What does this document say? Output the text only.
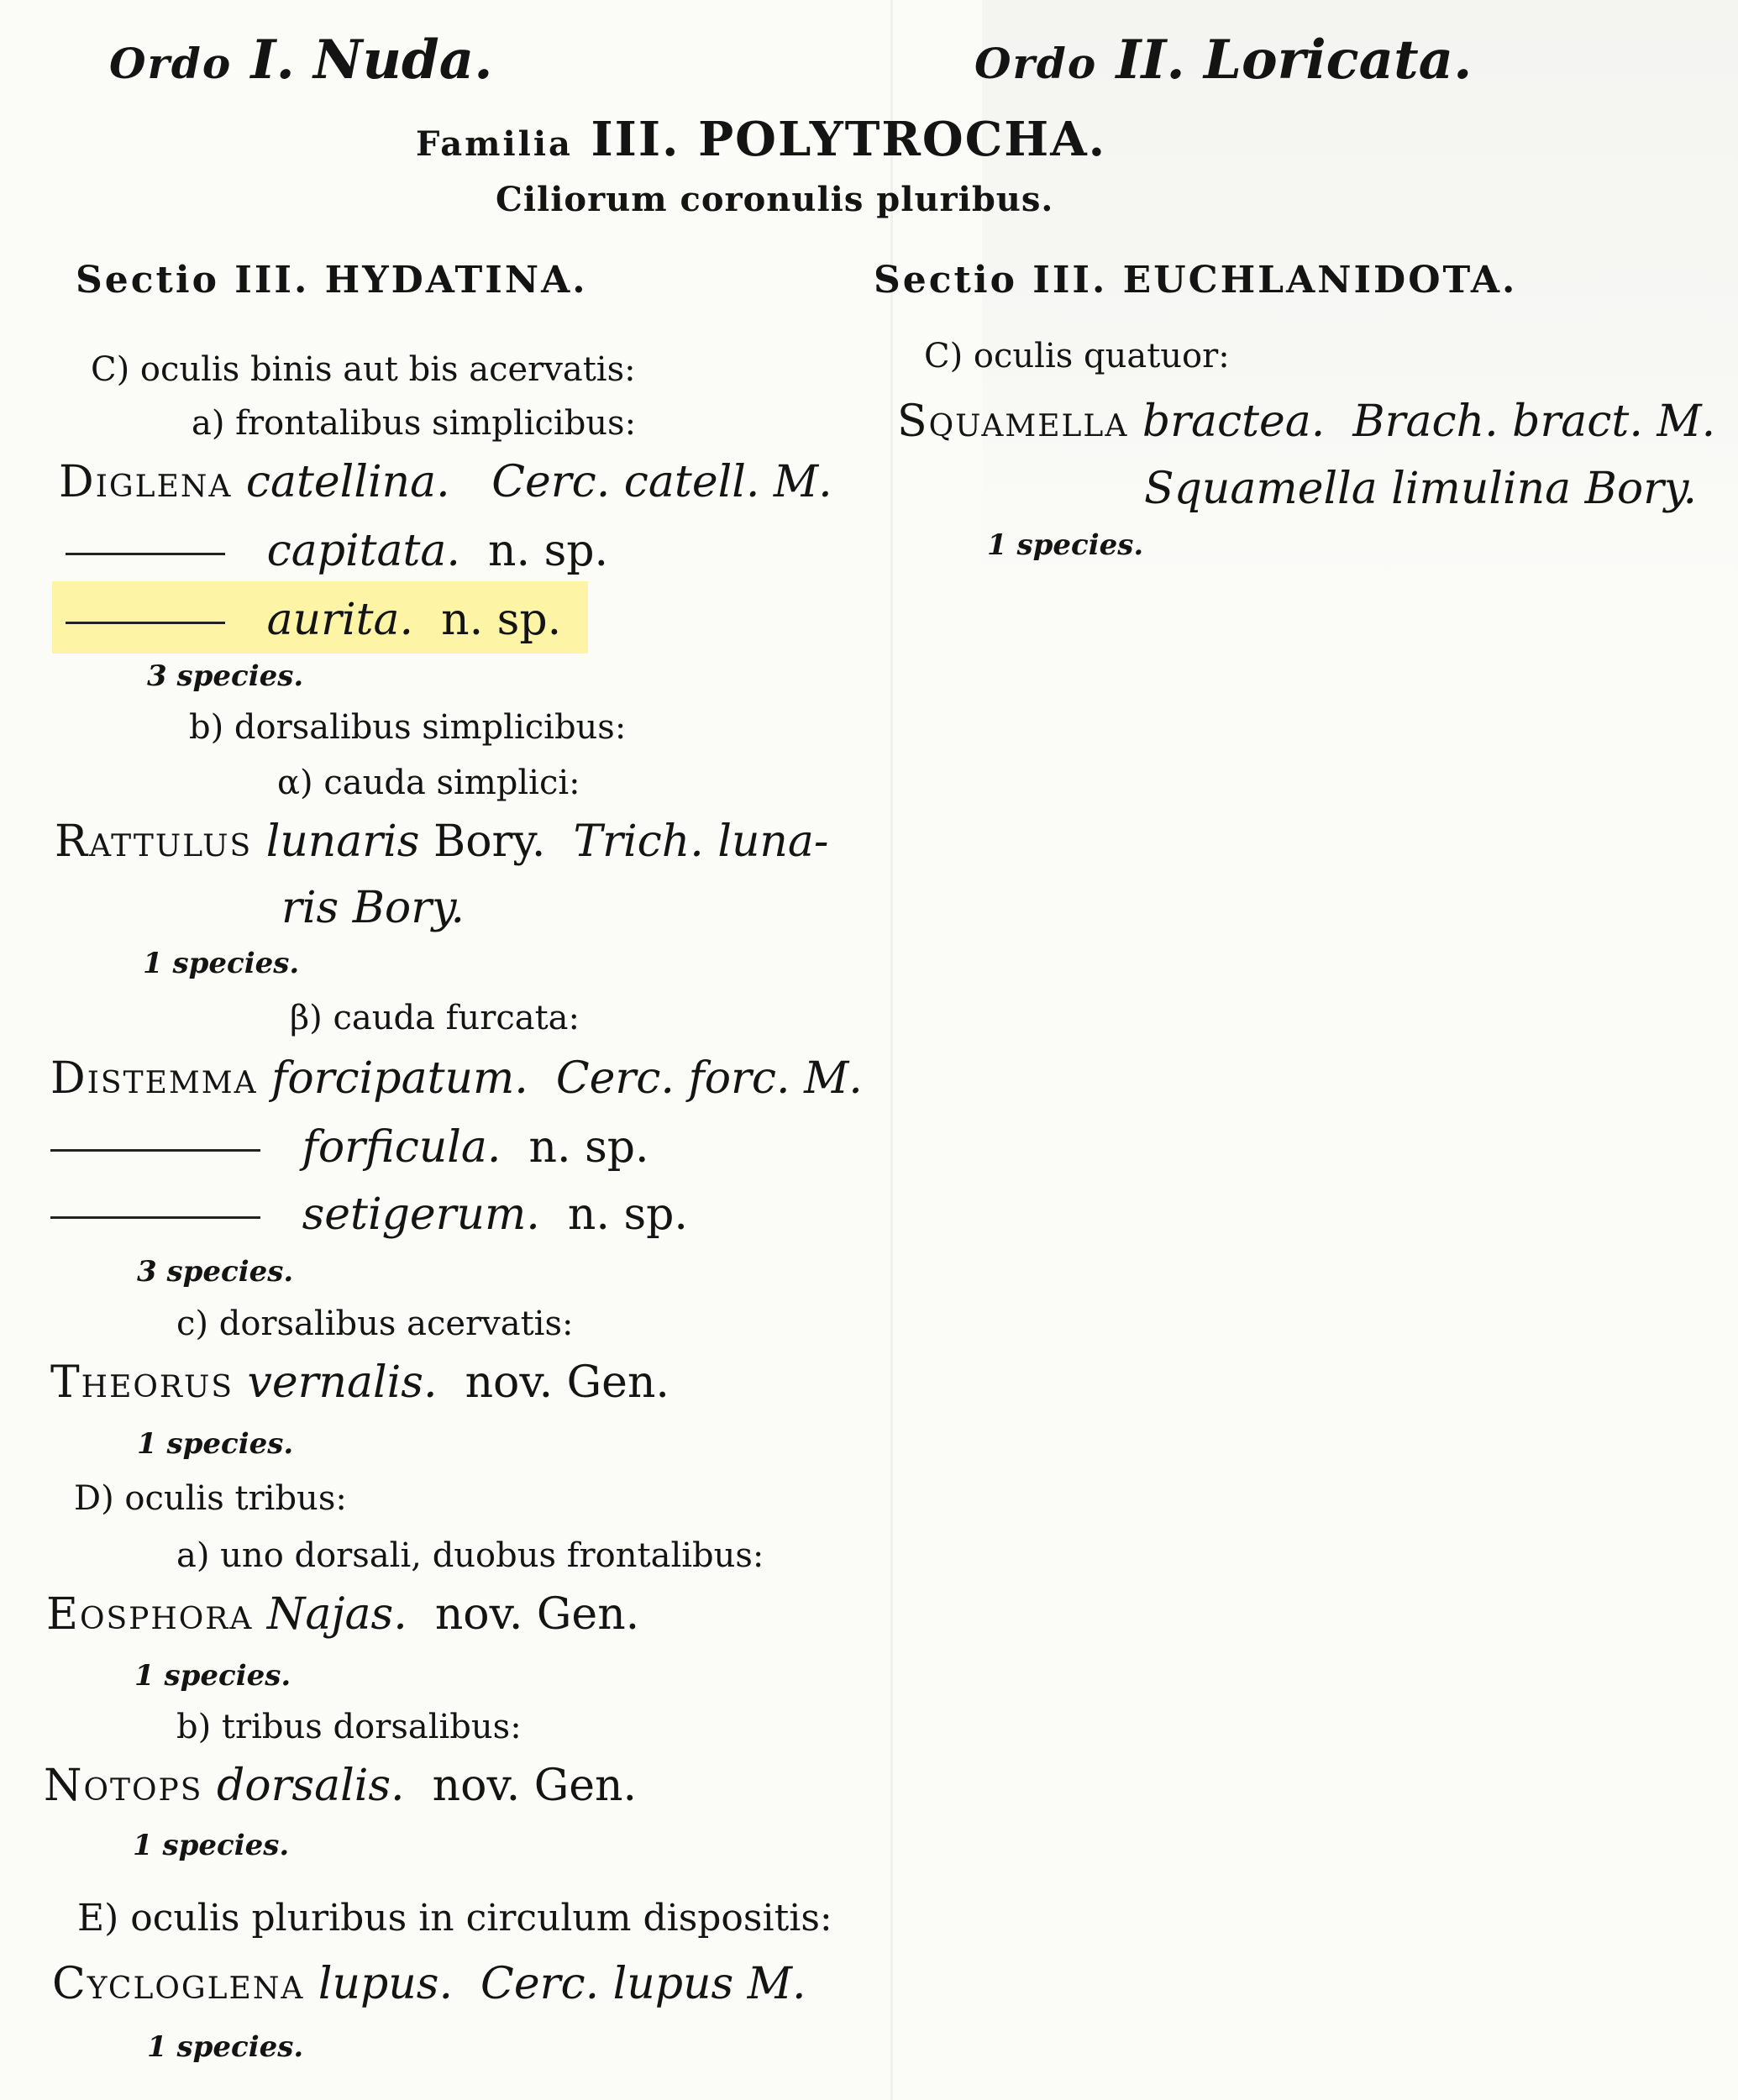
Ordo I. Nuda.	Ordo II. Loricata.
Familia III. POLYTROCHA.
Ciliorum coronulis pluribus.
Sectio III. HYDATINA.
C) oculis binis aut bis acervatis:
a) frontalibus simplicibus:
Diglena catellina. Cerc. catell. M.
capitata. n. sp.
aurita. n. sp.
3 species.
b) dorsalibus simplicibus:
α) cauda simplici:
Rattulus lunaris Bory. Trich. luna-
ris Bory.
1 species.
β) cauda furcata:
Distemma forcipatum. Cerc. forc. M.
forficula. n. sp.
setigerum. n. sp.
3 species.
c) dorsalibus acervatis:
Theorus vernalis. nov. Gen.
1 species.
D) oculis tribus:
a) uno dorsali, duobus frontalibus:
Eosphora Najas. nov. Gen.
1 species.
b) tribus dorsalibus:
Notops dorsalis. nov. Gen.
1 species.
E) oculis pluribus in circulum dispositis:
Cycloglena lupus. Cerc. lupus M.
1 species.
Sectio III. EUCHLANIDOTA.
C) oculis quatuor:
Squamella bractea. Brach. bract. M.
Squamella limulina Bory.
1 species.
